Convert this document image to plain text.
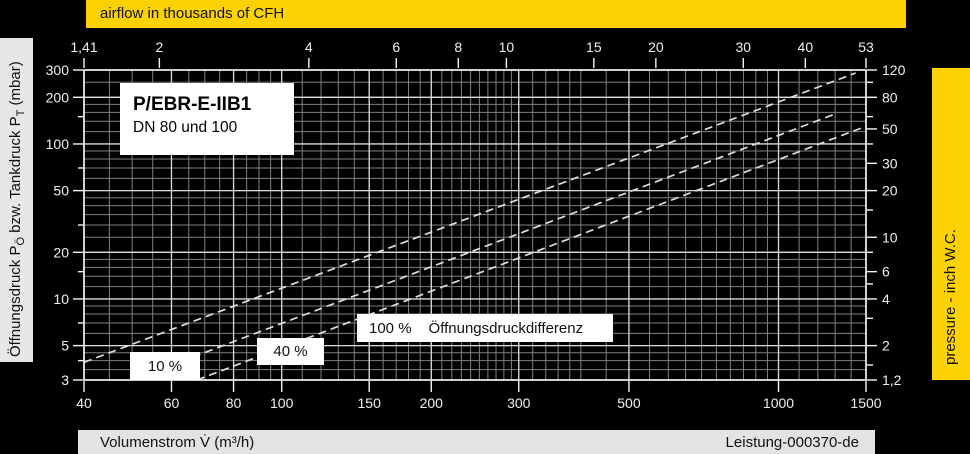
1,41	2	4	6	8	10	15	20	30	40	53
40	60	80 100	150	200	300	500	1000	1500
300
200
100
50
20
10
5
3
120
80
50
30
20
10
6
4
2
1,2
airflow in thousands of CFH
Öffnungsdruck $P_Ö$ bzw. Tankdruck $P_T$ (mbar)
pressure - inch W.C.
Volumenstrom V̇ (m³/h)	Leistung-000370-de
P/EBR-E-IIB1
DN 80 und 100
10 %
40 %
100 % Öffnungsdruckdifferenz
